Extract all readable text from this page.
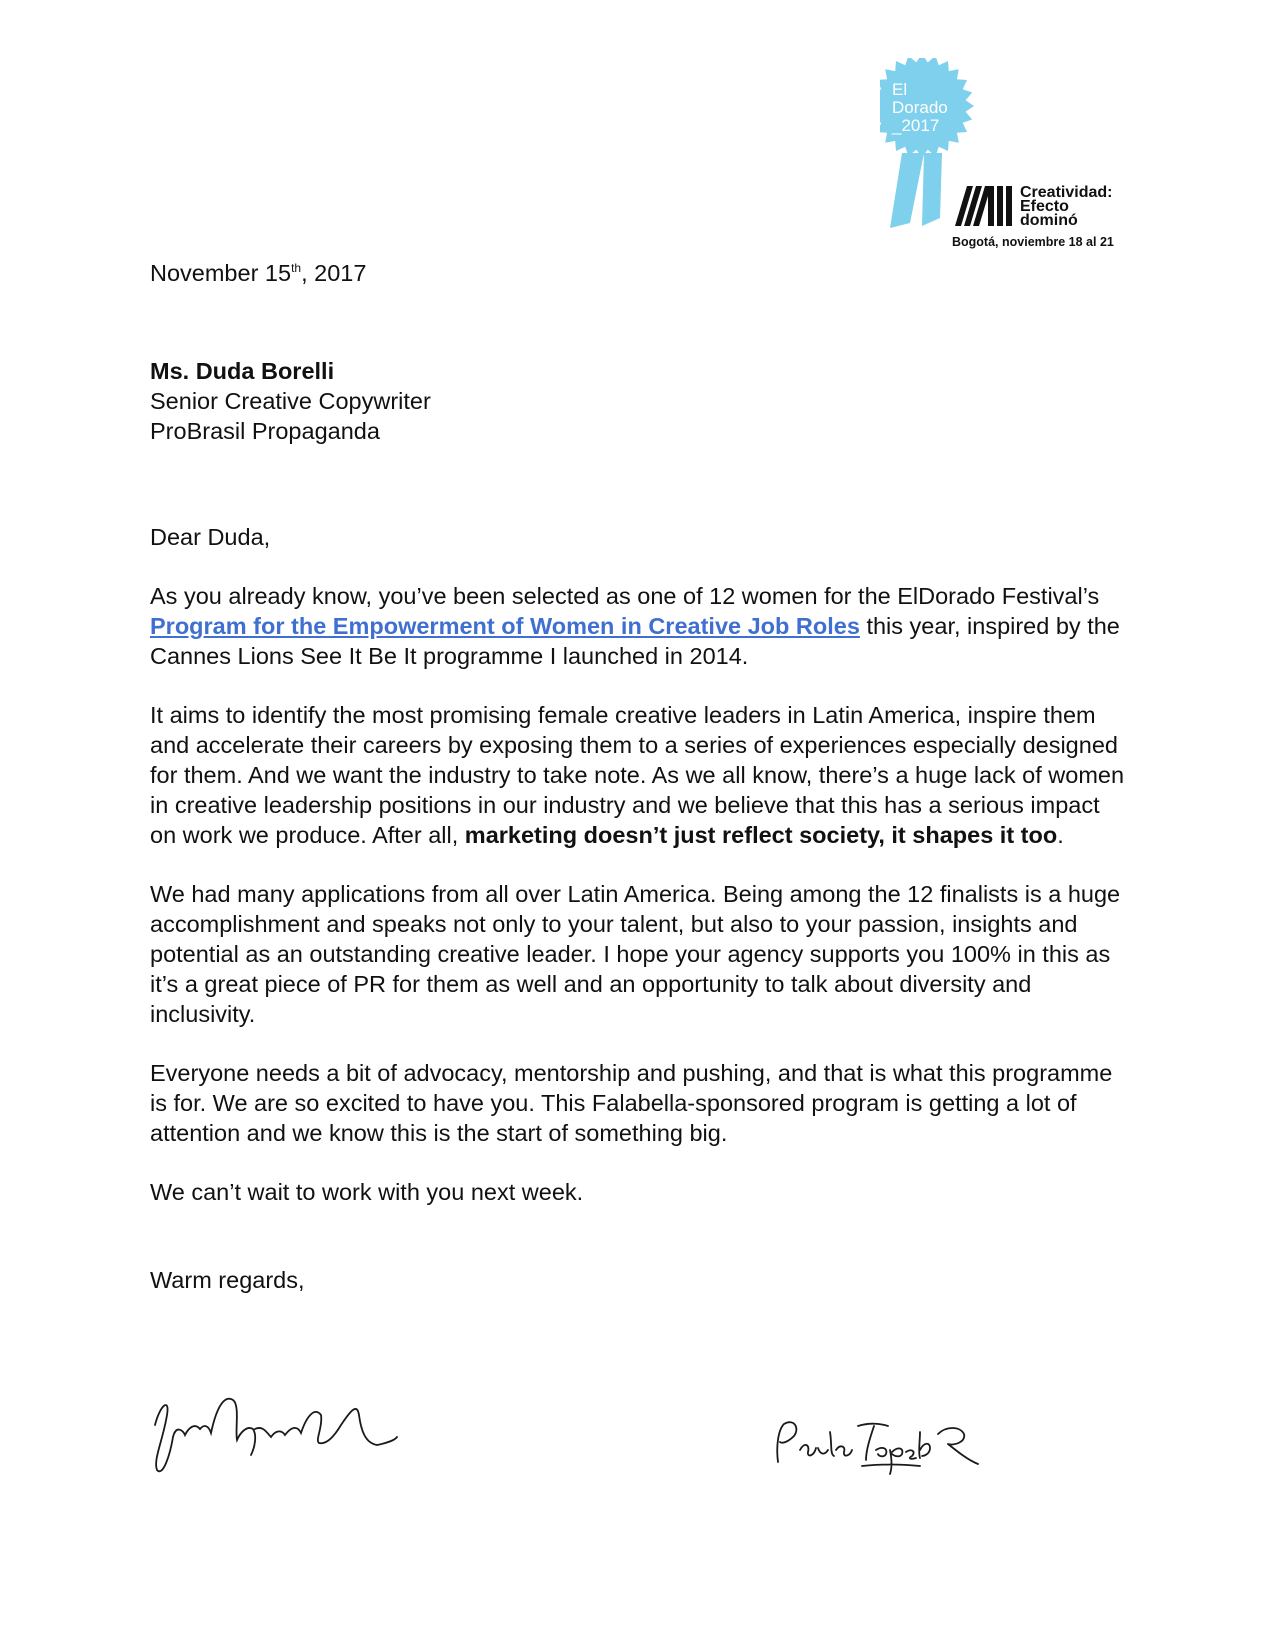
El
Dorado
_2017
Creatividad:
Efecto
dominó
Bogotá, noviembre 18 al 21

November 15th, 2017

Ms. Duda Borelli
Senior Creative Copywriter
ProBrasil Propaganda
Dear Duda,
As you already know, you’ve been selected as one of 12 women for the ElDorado Festival’s Program for the Empowerment of Women in Creative Job Roles this year, inspired by the Cannes Lions See It Be It programme I launched in 2014.
It aims to identify the most promising female creative leaders in Latin America, inspire them and accelerate their careers by exposing them to a series of experiences especially designed for them. And we want the industry to take note. As we all know, there’s a huge lack of women in creative leadership positions in our industry and we believe that this has a serious impact on work we produce. After all, marketing doesn’t just reflect society, it shapes it too.
We had many applications from all over Latin America. Being among the 12 finalists is a huge accomplishment and speaks not only to your talent, but also to your passion, insights and potential as an outstanding creative leader. I hope your agency supports you 100% in this as it’s a great piece of PR for them as well and an opportunity to talk about diversity and inclusivity.
Everyone needs a bit of advocacy, mentorship and pushing, and that is what this programme is for. We are so excited to have you. This Falabella-sponsored program is getting a lot of attention and we know this is the start of something big.
We can’t wait to work with you next week.
Warm regards,
PaulaTeperR
